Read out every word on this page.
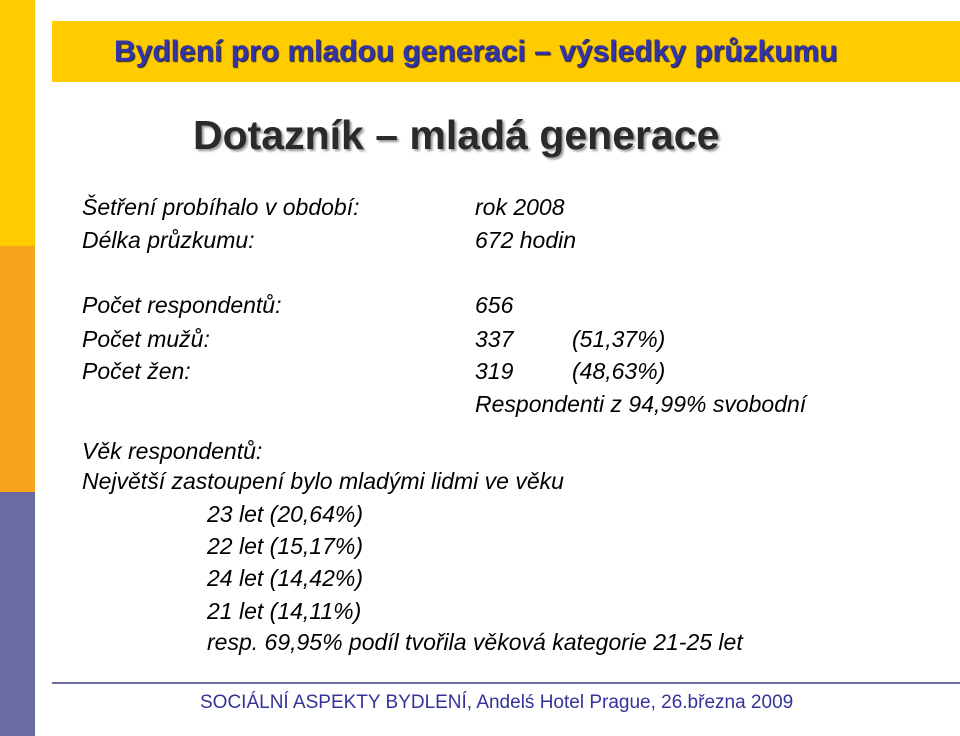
Bydlení pro mladou generaci – výsledky průzkumu
Dotazník – mladá generace
Šetření probíhalo v období:	rok 2008
Délka průzkumu:	672 hodin
Počet respondentů:	656
Počet mužů:	337	(51,37%)
Počet žen:	319	(48,63%)
Respondenti z 94,99% svobodní
Věk respondentů:
Největší zastoupení bylo mladými lidmi ve věku
23 let (20,64%)
22 let (15,17%)
24 let (14,42%)
21 let (14,11%)
resp. 69,95% podíl tvořila věková kategorie 21-25 let
SOCIÁLNÍ ASPEKTY BYDLENÍ, Andelś Hotel Prague, 26.března 2009
